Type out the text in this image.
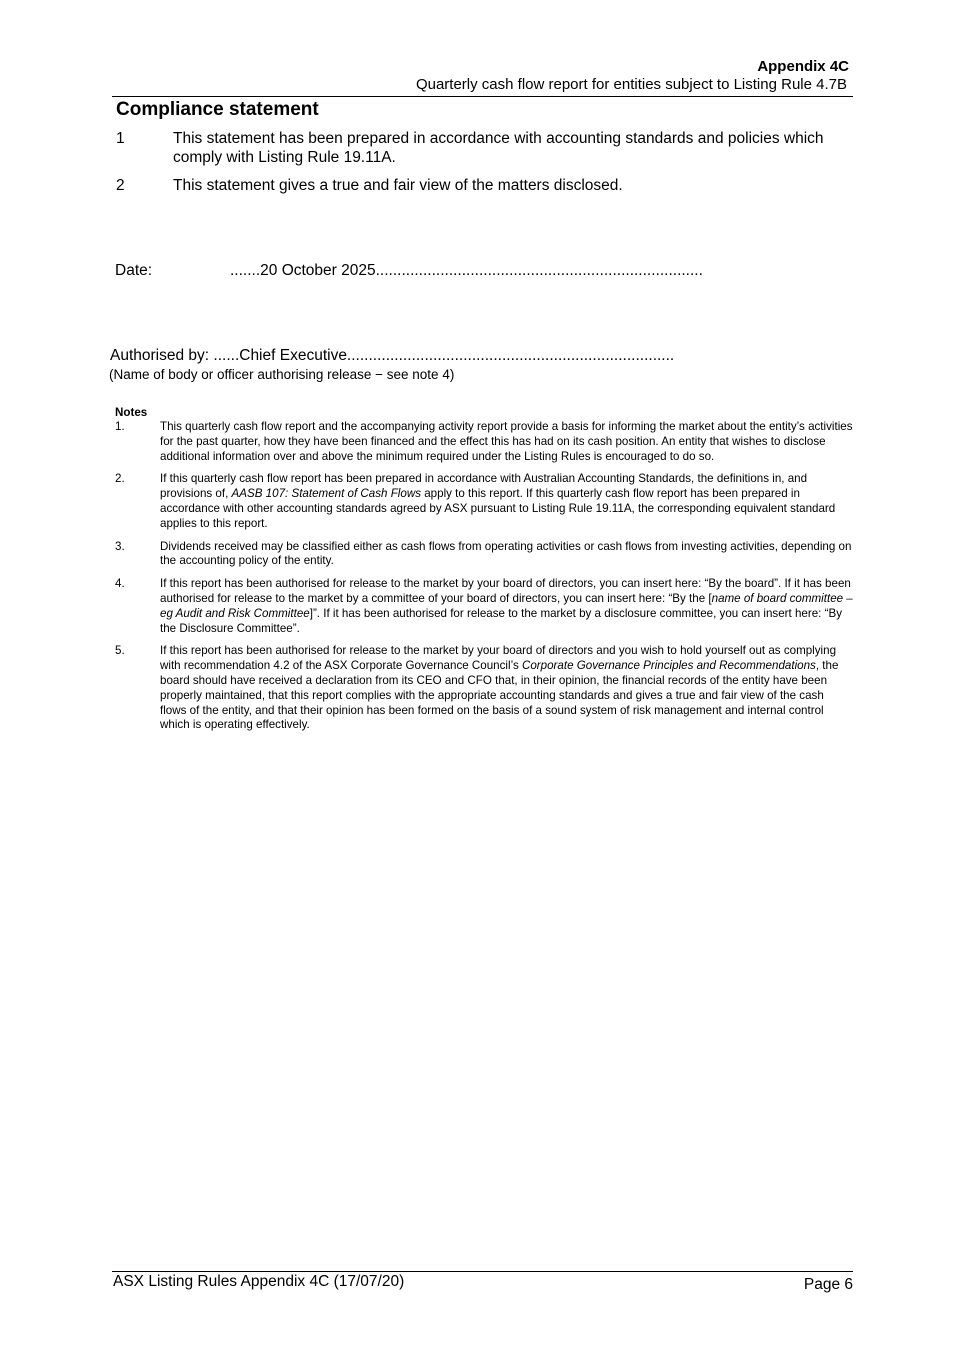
Appendix 4C
Quarterly cash flow report for entities subject to Listing Rule 4.7B
Compliance statement
1	This statement has been prepared in accordance with accounting standards and policies which comply with Listing Rule 19.11A.
2	This statement gives a true and fair view of the matters disclosed.
Date:	.......20 October 2025............................................................................
Authorised by: ......Chief Executive............................................................................
(Name of body or officer authorising release − see note 4)
Notes
1.	This quarterly cash flow report and the accompanying activity report provide a basis for informing the market about the entity’s activities for the past quarter, how they have been financed and the effect this has had on its cash position. An entity that wishes to disclose additional information over and above the minimum required under the Listing Rules is encouraged to do so.
2.	If this quarterly cash flow report has been prepared in accordance with Australian Accounting Standards, the definitions in, and provisions of, AASB 107: Statement of Cash Flows apply to this report. If this quarterly cash flow report has been prepared in accordance with other accounting standards agreed by ASX pursuant to Listing Rule 19.11A, the corresponding equivalent standard applies to this report.
3.	Dividends received may be classified either as cash flows from operating activities or cash flows from investing activities, depending on the accounting policy of the entity.
4.	If this report has been authorised for release to the market by your board of directors, you can insert here: “By the board”. If it has been authorised for release to the market by a committee of your board of directors, you can insert here: “By the [name of board committee – eg Audit and Risk Committee]”. If it has been authorised for release to the market by a disclosure committee, you can insert here: “By the Disclosure Committee”.
5.	If this report has been authorised for release to the market by your board of directors and you wish to hold yourself out as complying with recommendation 4.2 of the ASX Corporate Governance Council’s Corporate Governance Principles and Recommendations, the board should have received a declaration from its CEO and CFO that, in their opinion, the financial records of the entity have been properly maintained, that this report complies with the appropriate accounting standards and gives a true and fair view of the cash flows of the entity, and that their opinion has been formed on the basis of a sound system of risk management and internal control which is operating effectively.
ASX Listing Rules Appendix 4C (17/07/20)	Page 6
